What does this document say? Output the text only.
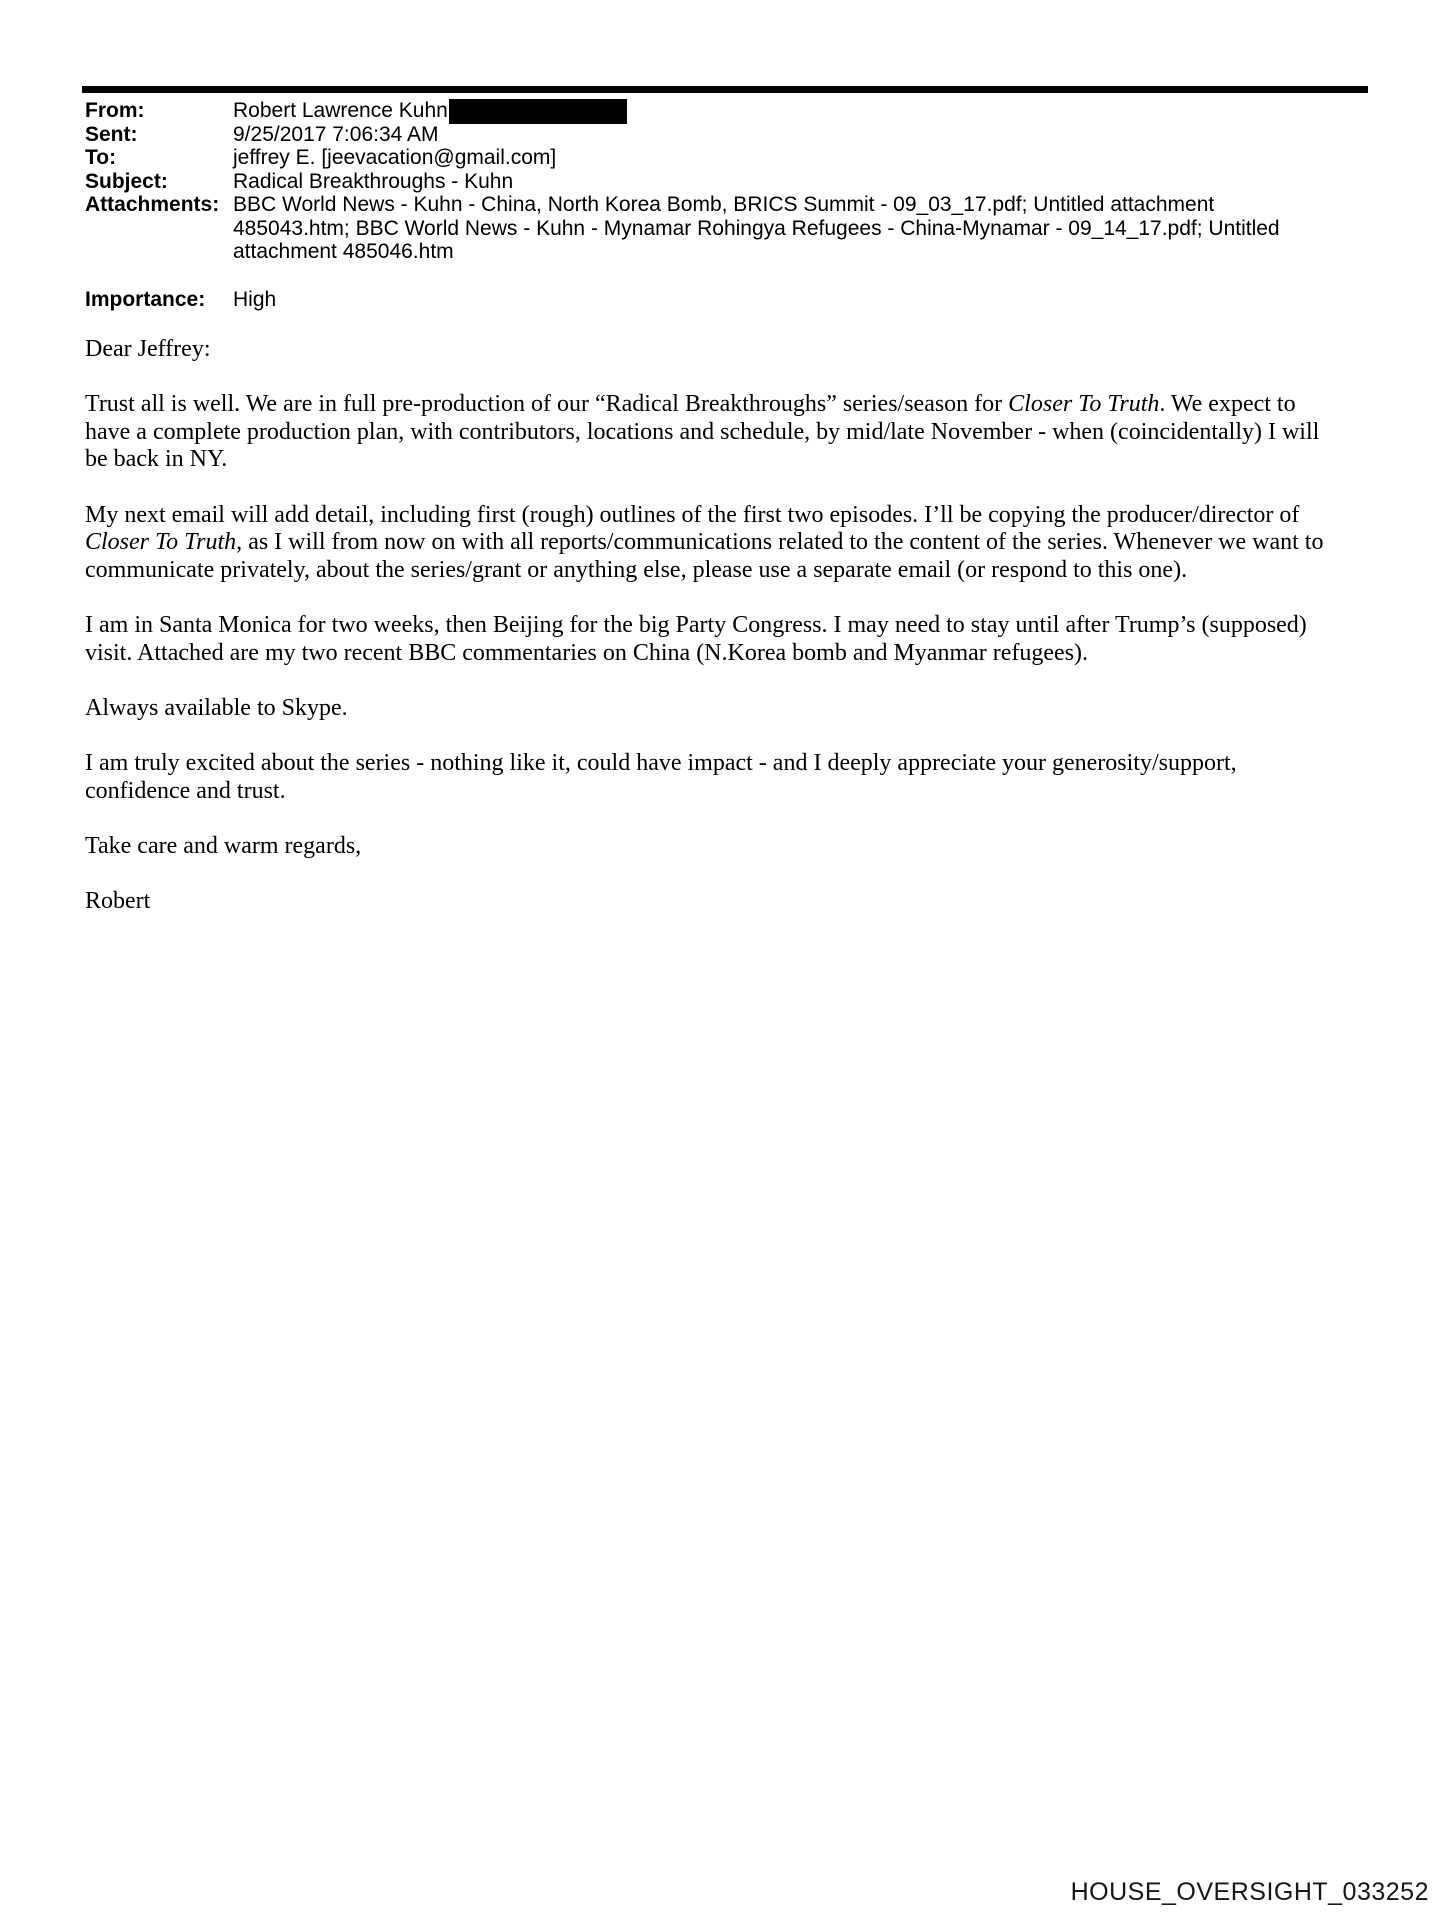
From:	Robert Lawrence Kuhn
Sent:	9/25/2017 7:06:34 AM
To:	jeffrey E. [jeevacation@gmail.com]
Subject:	Radical Breakthroughs - Kuhn
Attachments: BBC World News - Kuhn - China, North Korea Bomb, BRICS Summit - 09_03_17.pdf; Untitled attachment
485043.htm; BBC World News - Kuhn - Mynamar Rohingya Refugees - China-Mynamar - 09_14_17.pdf; Untitled
attachment 485046.htm
Importance:	High

Dear Jeffrey:

Trust all is well. We are in full pre-production of our “Radical Breakthroughs” series/season for Closer To Truth. We expect to have a complete production plan, with contributors, locations and schedule, by mid/late November - when (coincidentally) I will be back in NY.

My next email will add detail, including first (rough) outlines of the first two episodes. I’ll be copying the producer/director of Closer To Truth, as I will from now on with all reports/communications related to the content of the series. Whenever we want to communicate privately, about the series/grant or anything else, please use a separate email (or respond to this one).

I am in Santa Monica for two weeks, then Beijing for the big Party Congress. I may need to stay until after Trump’s (supposed) visit. Attached are my two recent BBC commentaries on China (N.Korea bomb and Myanmar refugees).

Always available to Skype.

I am truly excited about the series - nothing like it, could have impact - and I deeply appreciate your generosity/support, confidence and trust.

Take care and warm regards,

Robert

HOUSE_OVERSIGHT_033252
